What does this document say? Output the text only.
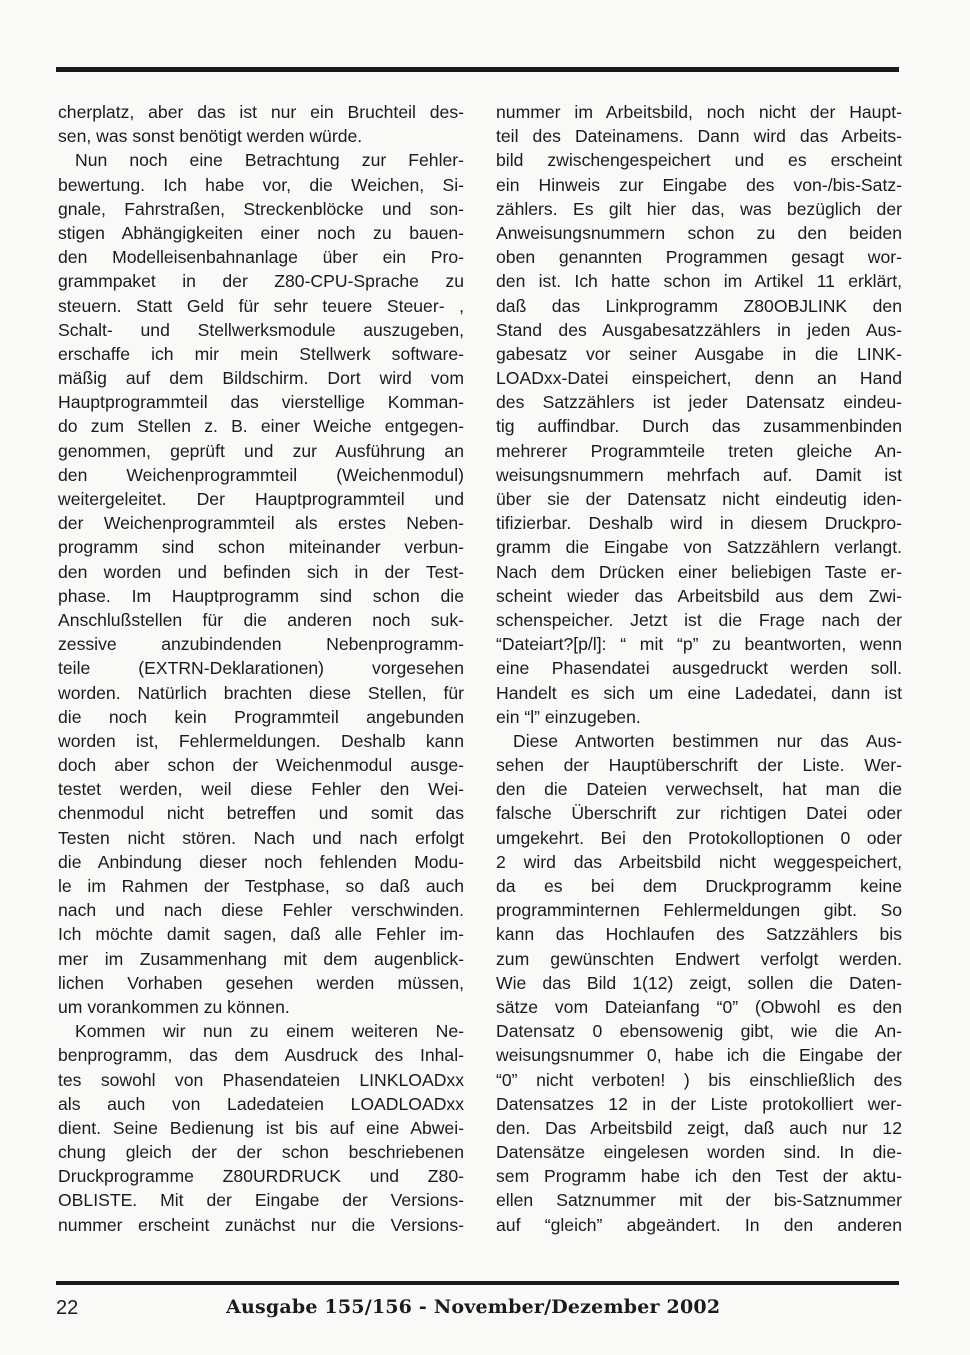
cherplatz, aber das ist nur ein Bruchteil des-
sen, was sonst benötigt werden würde.
Nun noch eine Betrachtung zur Fehler-
bewertung. Ich habe vor, die Weichen, Si-
gnale, Fahrstraßen, Streckenblöcke und son-
stigen Abhängigkeiten einer noch zu bauen-
den Modelleisenbahnanlage über ein Pro-
grammpaket in der Z80-CPU-Sprache zu
steuern. Statt Geld für sehr teuere Steuer- ,
Schalt- und Stellwerksmodule auszugeben,
erschaffe ich mir mein Stellwerk software-
mäßig auf dem Bildschirm. Dort wird vom
Hauptprogrammteil das vierstellige Komman-
do zum Stellen z. B. einer Weiche entgegen-
genommen, geprüft und zur Ausführung an
den Weichenprogrammteil (Weichenmodul)
weitergeleitet. Der Hauptprogrammteil und
der Weichenprogrammteil als erstes Neben-
programm sind schon miteinander verbun-
den worden und befinden sich in der Test-
phase. Im Hauptprogramm sind schon die
Anschlußstellen für die anderen noch suk-
zessive anzubindenden Nebenprogramm-
teile (EXTRN-Deklarationen) vorgesehen
worden. Natürlich brachten diese Stellen, für
die noch kein Programmteil angebunden
worden ist, Fehlermeldungen. Deshalb kann
doch aber schon der Weichenmodul ausge-
testet werden, weil diese Fehler den Wei-
chenmodul nicht betreffen und somit das
Testen nicht stören. Nach und nach erfolgt
die Anbindung dieser noch fehlenden Modu-
le im Rahmen der Testphase, so daß auch
nach und nach diese Fehler verschwinden.
Ich möchte damit sagen, daß alle Fehler im-
mer im Zusammenhang mit dem augenblick-
lichen Vorhaben gesehen werden müssen,
um vorankommen zu können.
Kommen wir nun zu einem weiteren Ne-
benprogramm, das dem Ausdruck des Inhal-
tes sowohl von Phasendateien LINKLOADxx
als auch von Ladedateien LOADLOADxx
dient. Seine Bedienung ist bis auf eine Abwei-
chung gleich der der schon beschriebenen
Druckprogramme Z80URDRUCK und Z80-
OBLISTE. Mit der Eingabe der Versions-
nummer erscheint zunächst nur die Versions-
nummer im Arbeitsbild, noch nicht der Haupt-
teil des Dateinamens. Dann wird das Arbeits-
bild zwischengespeichert und es erscheint
ein Hinweis zur Eingabe des von-/bis-Satz-
zählers. Es gilt hier das, was bezüglich der
Anweisungsnummern schon zu den beiden
oben genannten Programmen gesagt wor-
den ist. Ich hatte schon im Artikel 11 erklärt,
daß das Linkprogramm Z80OBJLINK den
Stand des Ausgabesatzzählers in jeden Aus-
gabesatz vor seiner Ausgabe in die LINK-
LOADxx-Datei einspeichert, denn an Hand
des Satzzählers ist jeder Datensatz eindeu-
tig auffindbar. Durch das zusammenbinden
mehrerer Programmteile treten gleiche An-
weisungsnummern mehrfach auf. Damit ist
über sie der Datensatz nicht eindeutig iden-
tifizierbar. Deshalb wird in diesem Druckpro-
gramm die Eingabe von Satzzählern verlangt.
Nach dem Drücken einer beliebigen Taste er-
scheint wieder das Arbeitsbild aus dem Zwi-
schenspeicher. Jetzt ist die Frage nach der
“Dateiart?[p/l]: “ mit “p” zu beantworten, wenn
eine Phasendatei ausgedruckt werden soll.
Handelt es sich um eine Ladedatei, dann ist
ein “l” einzugeben.
Diese Antworten bestimmen nur das Aus-
sehen der Hauptüberschrift der Liste. Wer-
den die Dateien verwechselt, hat man die
falsche Überschrift zur richtigen Datei oder
umgekehrt. Bei den Protokolloptionen 0 oder
2 wird das Arbeitsbild nicht weggespeichert,
da es bei dem Druckprogramm keine
programminternen Fehlermeldungen gibt. So
kann das Hochlaufen des Satzzählers bis
zum gewünschten Endwert verfolgt werden.
Wie das Bild 1(12) zeigt, sollen die Daten-
sätze vom Dateianfang “0” (Obwohl es den
Datensatz 0 ebensowenig gibt, wie die An-
weisungsnummer 0, habe ich die Eingabe der
“0” nicht verboten! ) bis einschließlich des
Datensatzes 12 in der Liste protokolliert wer-
den. Das Arbeitsbild zeigt, daß auch nur 12
Datensätze eingelesen worden sind. In die-
sem Programm habe ich den Test der aktu-
ellen Satznummer mit der bis-Satznummer
auf “gleich” abgeändert. In den anderen
22	Ausgabe 155/156 - November/Dezember 2002
